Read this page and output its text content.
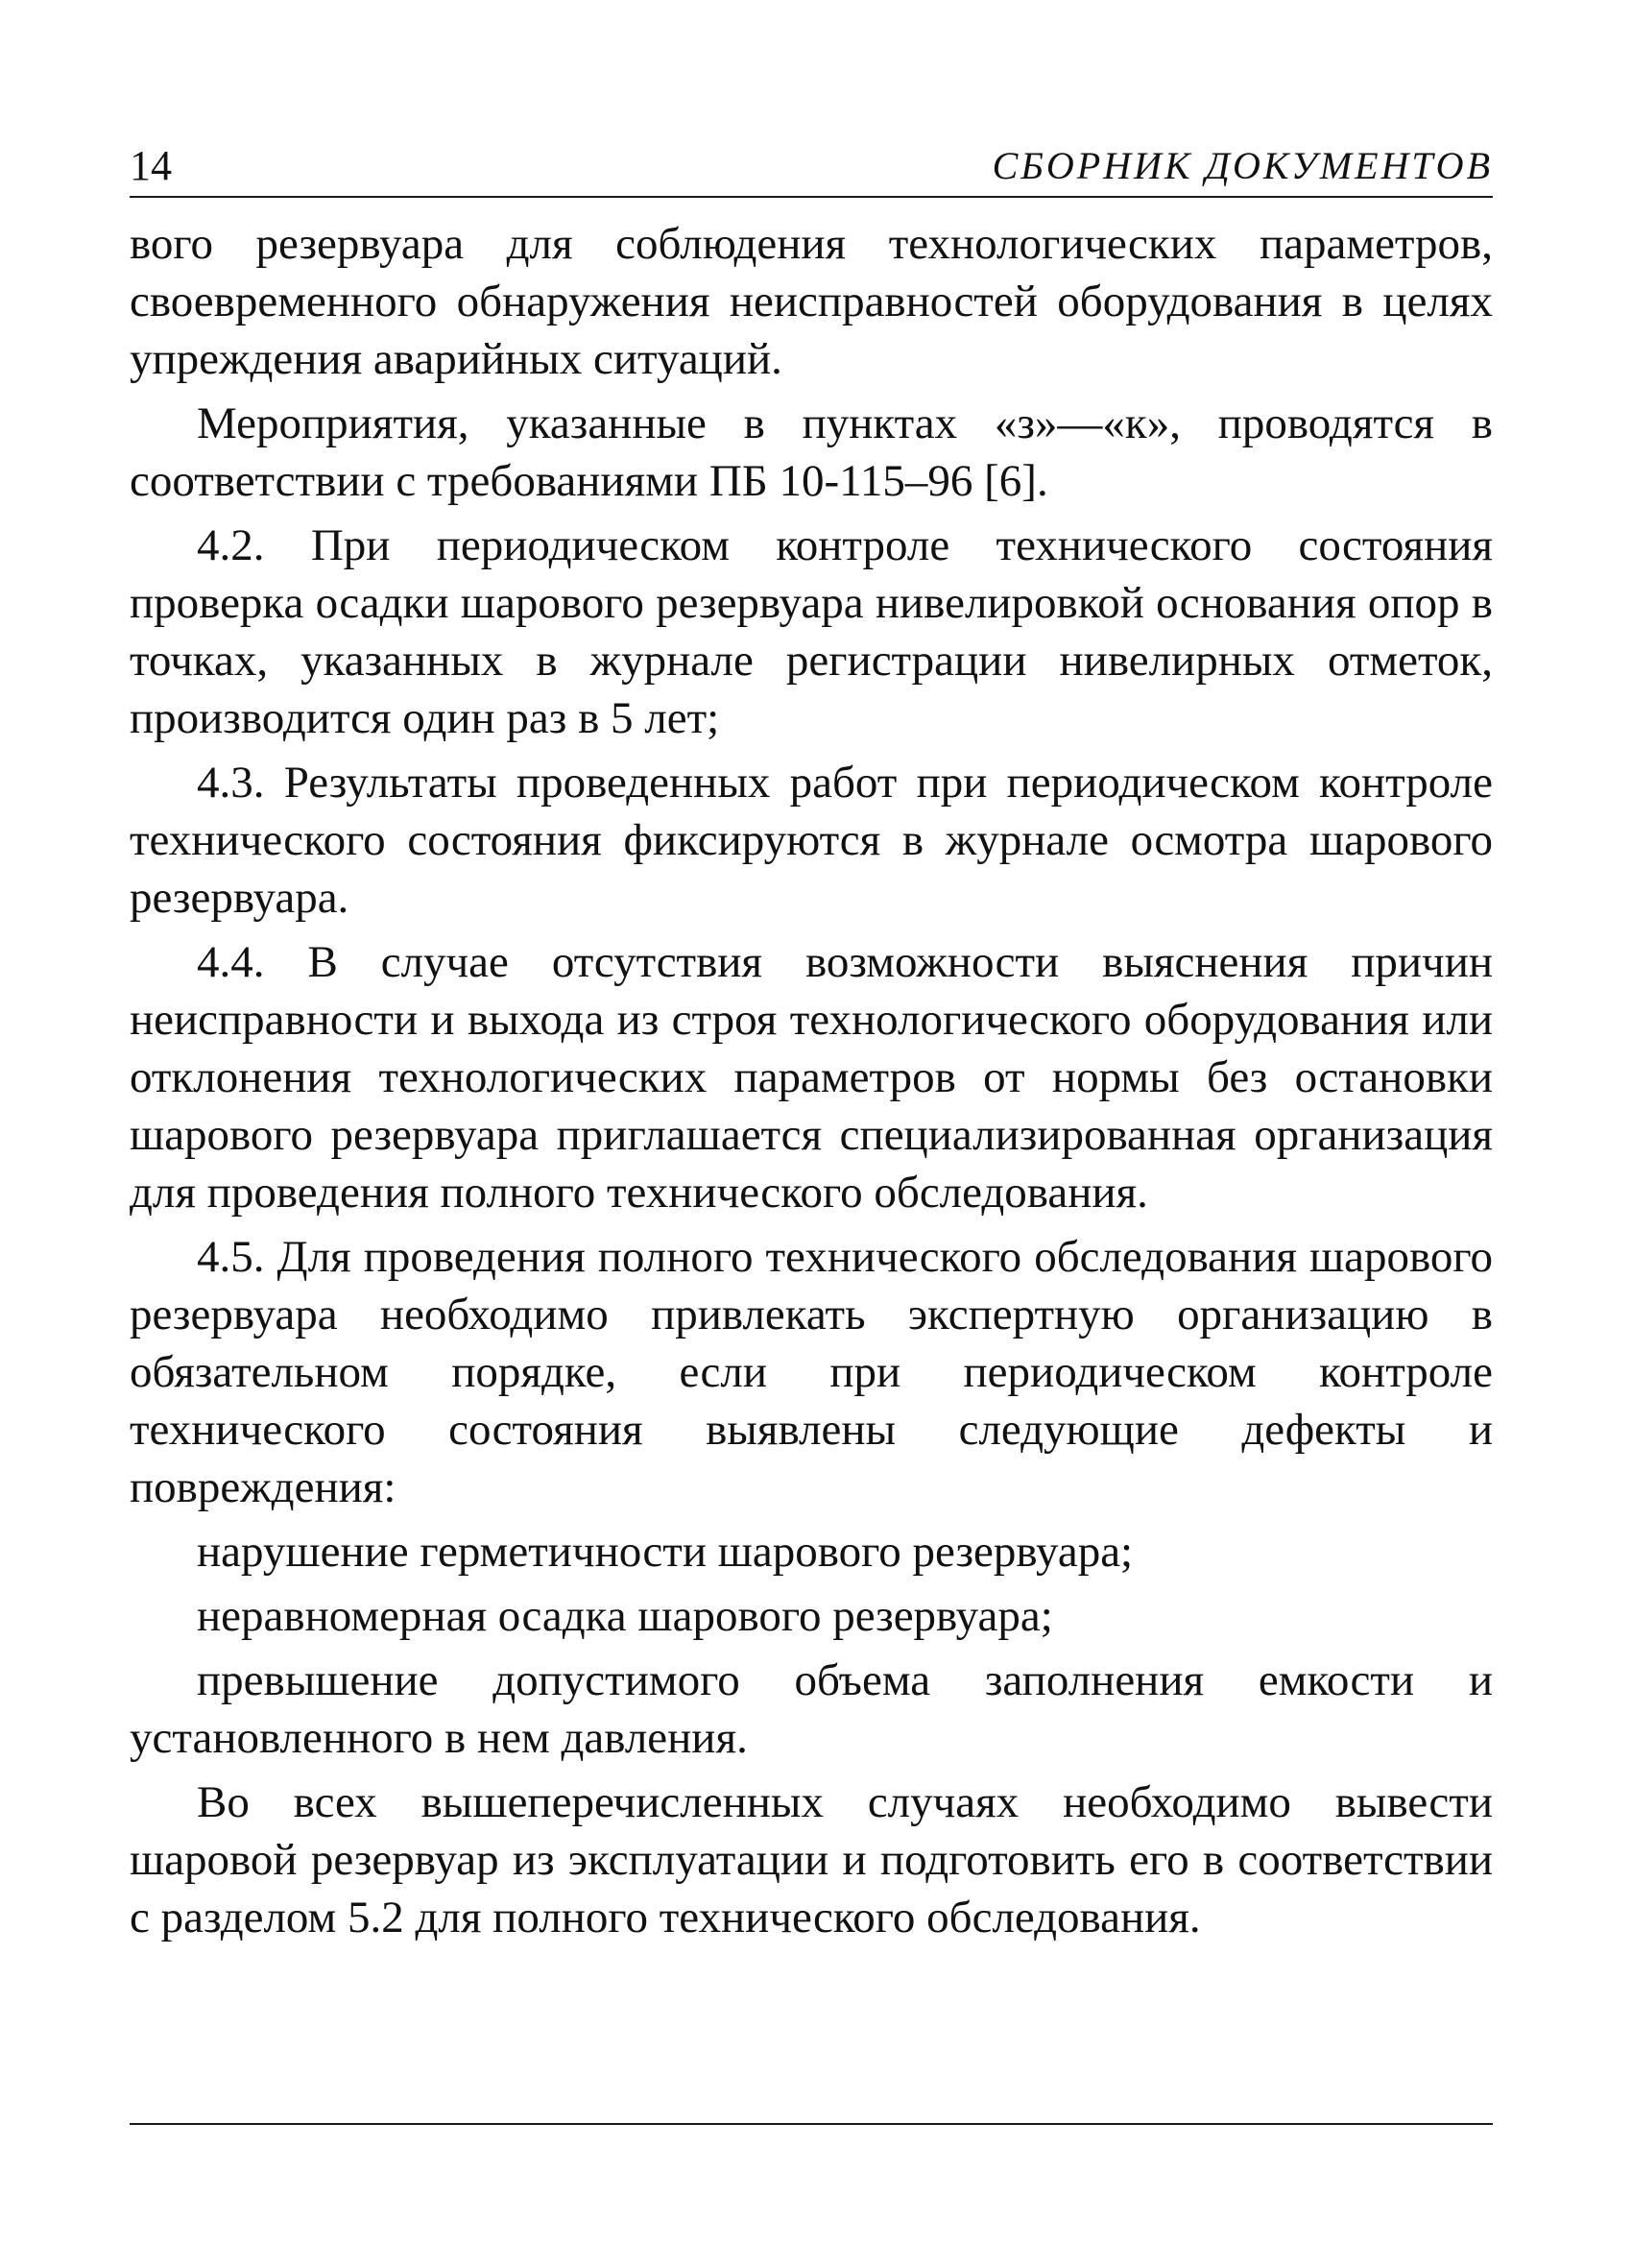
14	СБОРНИК ДОКУМЕНТОВ

вого резервуара для соблюдения технологических параметров, своевременного обнаружения неисправностей оборудования в целях упреждения аварийных ситуаций.

Мероприятия, указанные в пунктах «з»—«к», проводятся в соответствии с требованиями ПБ 10-115–96 [6].

4.2. При периодическом контроле технического состояния проверка осадки шарового резервуара нивелировкой основания опор в точках, указанных в журнале регистрации нивелирных отметок, производится один раз в 5 лет;

4.3. Результаты проведенных работ при периодическом контроле технического состояния фиксируются в журнале осмотра шарового резервуара.

4.4. В случае отсутствия возможности выяснения причин неисправности и выхода из строя технологического оборудования или отклонения технологических параметров от нормы без остановки шарового резервуара приглашается специализированная организация для проведения полного технического обследования.

4.5. Для проведения полного технического обследования шарового резервуара необходимо привлекать экспертную организацию в обязательном порядке, если при периодическом контроле технического состояния выявлены следующие дефекты и повреждения:

нарушение герметичности шарового резервуара;

неравномерная осадка шарового резервуара;

превышение допустимого объема заполнения емкости и установленного в нем давления.

Во всех вышеперечисленных случаях необходимо вывести шаровой резервуар из эксплуатации и подготовить его в соответствии с разделом 5.2 для полного технического обследования.
